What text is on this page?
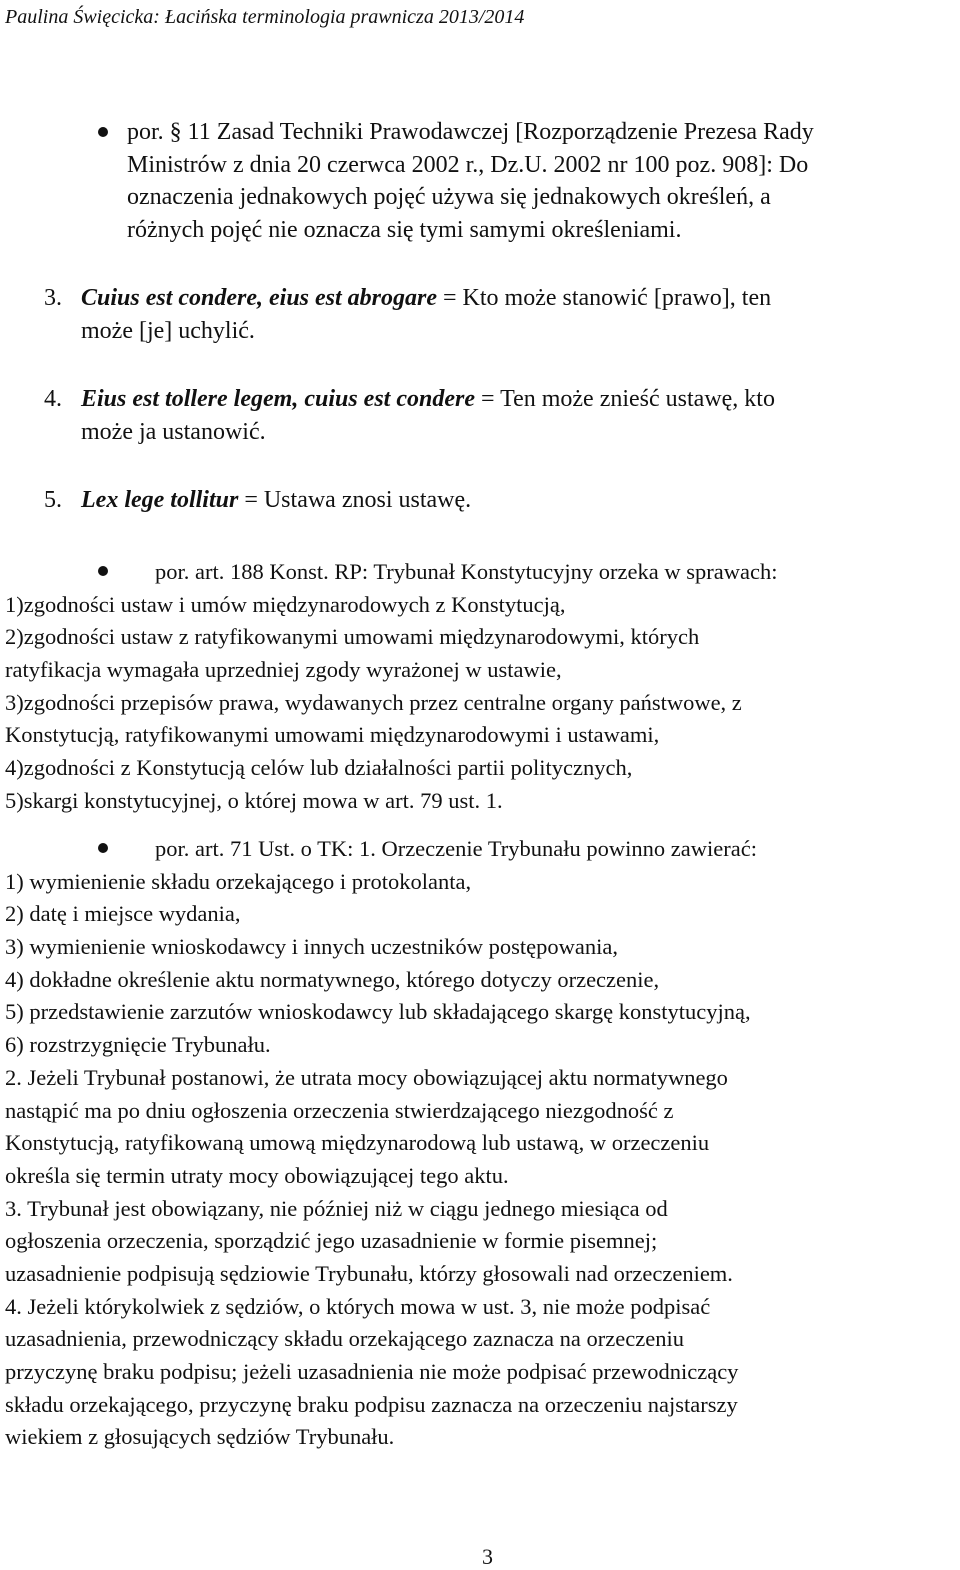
Paulina Święcicka: Łacińska terminologia prawnicza 2013/2014
por. § 11 Zasad Techniki Prawodawczej [Rozporządzenie Prezesa Rady
Ministrów z dnia 20 czerwca 2002 r., Dz.U. 2002 nr 100 poz. 908]: Do
oznaczenia jednakowych pojęć używa się jednakowych określeń, a
różnych pojęć nie oznacza się tymi samymi określeniami.
3. Cuius est condere, eius est abrogare = Kto może stanowić [prawo], ten
może [je] uchylić.
4. Eius est tollere legem, cuius est condere = Ten może znieść ustawę, kto
może ja ustanowić.
5. Lex lege tollitur = Ustawa znosi ustawę.
por. art. 188 Konst. RP: Trybunał Konstytucyjny orzeka w sprawach:
1)zgodności ustaw i umów międzynarodowych z Konstytucją,
2)zgodności ustaw z ratyfikowanymi umowami międzynarodowymi, których
ratyfikacja wymagała uprzedniej zgody wyrażonej w ustawie,
3)zgodności przepisów prawa, wydawanych przez centralne organy państwowe, z
Konstytucją, ratyfikowanymi umowami międzynarodowymi i ustawami,
4)zgodności z Konstytucją celów lub działalności partii politycznych,
5)skargi konstytucyjnej, o której mowa w art. 79 ust. 1.
por. art. 71 Ust. o TK: 1. Orzeczenie Trybunału powinno zawierać:
1) wymienienie składu orzekającego i protokolanta,
2) datę i miejsce wydania,
3) wymienienie wnioskodawcy i innych uczestników postępowania,
4) dokładne określenie aktu normatywnego, którego dotyczy orzeczenie,
5) przedstawienie zarzutów wnioskodawcy lub składającego skargę konstytucyjną,
6) rozstrzygnięcie Trybunału.
2. Jeżeli Trybunał postanowi, że utrata mocy obowiązującej aktu normatywnego
nastąpić ma po dniu ogłoszenia orzeczenia stwierdzającego niezgodność z
Konstytucją, ratyfikowaną umową międzynarodową lub ustawą, w orzeczeniu
określa się termin utraty mocy obowiązującej tego aktu.
3. Trybunał jest obowiązany, nie później niż w ciągu jednego miesiąca od
ogłoszenia orzeczenia, sporządzić jego uzasadnienie w formie pisemnej;
uzasadnienie podpisują sędziowie Trybunału, którzy głosowali nad orzeczeniem.
4. Jeżeli którykolwiek z sędziów, o których mowa w ust. 3, nie może podpisać
uzasadnienia, przewodniczący składu orzekającego zaznacza na orzeczeniu
przyczynę braku podpisu; jeżeli uzasadnienia nie może podpisać przewodniczący
składu orzekającego, przyczynę braku podpisu zaznacza na orzeczeniu najstarszy
wiekiem z głosujących sędziów Trybunału.
3
